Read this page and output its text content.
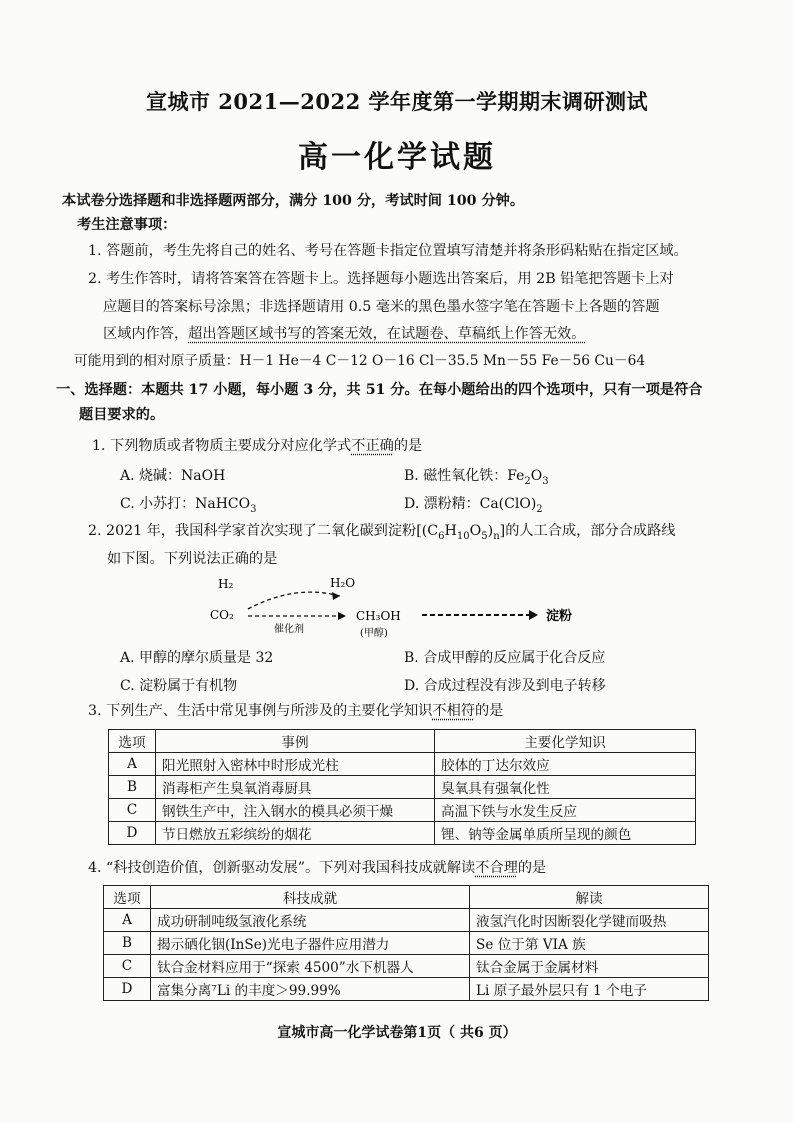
宣城市 2021—2022 学年度第一学期期末调研测试
高一化学试题
本试卷分选择题和非选择题两部分，满分 100 分，考试时间 100 分钟。
考生注意事项：
1. 答题前，考生先将自己的姓名、考号在答题卡指定位置填写清楚并将条形码粘贴在指定区域。
2. 考生作答时，请将答案答在答题卡上。选择题每小题选出答案后，用 2B 铅笔把答题卡上对
应题目的答案标号涂黑；非选择题请用 0.5 毫米的黑色墨水签字笔在答题卡上各题的答题
区域内作答，超出答题区域书写的答案无效，在试题卷、草稿纸上作答无效。
可能用到的相对原子质量：H－1 He－4 C－12 O－16 Cl－35.5 Mn－55 Fe－56 Cu－64
一、选择题：本题共 17 小题，每小题 3 分，共 51 分。在每小题给出的四个选项中，只有一项是符合
题目要求的。
1. 下列物质或者物质主要成分对应化学式不正确的是
A. 烧碱：NaOH	B. 磁性氧化铁：$Fe_2O_3$
C. 小苏打：NaHCO$_3$	D. 漂粉精：$Ca(ClO)_2$
2. 2021 年，我国科学家首次实现了二氧化碳到淀粉$[(C_6H_{10}O_5)_n]$的人工合成，部分合成路线
如下图。下列说法正确的是
H₂	H₂O
CO₂
催化剂
CH₃OH
(甲醇)
淀粉
A. 甲醇的摩尔质量是 32	B. 合成甲醇的反应属于化合反应
C. 淀粉属于有机物	D. 合成过程没有涉及到电子转移
3. 下列生产、生活中常见事例与所涉及的主要化学知识不相符的是
选项	事例	主要化学知识
A	阳光照射入密林中时形成光柱	胶体的丁达尔效应
B	消毒柜产生臭氧消毒厨具	臭氧具有强氧化性
C	钢铁生产中，注入钢水的模具必须干燥	高温下铁与水发生反应
D	节日燃放五彩缤纷的烟花	锂、钠等金属单质所呈现的颜色
4. “科技创造价值，创新驱动发展”。下列对我国科技成就解读不合理的是
选项	科技成就	解读
A	成功研制吨级氢液化系统	液氢汽化时因断裂化学键而吸热
B	揭示硒化铟(InSe)光电子器件应用潜力	Se 位于第 VIA 族
C	钛合金材料应用于“探索 4500”水下机器人	钛合金属于金属材料
D	富集分离⁷Li 的丰度＞99.99%	Li 原子最外层只有 1 个电子
宣城市高一化学试卷第1页（ 共6 页）
